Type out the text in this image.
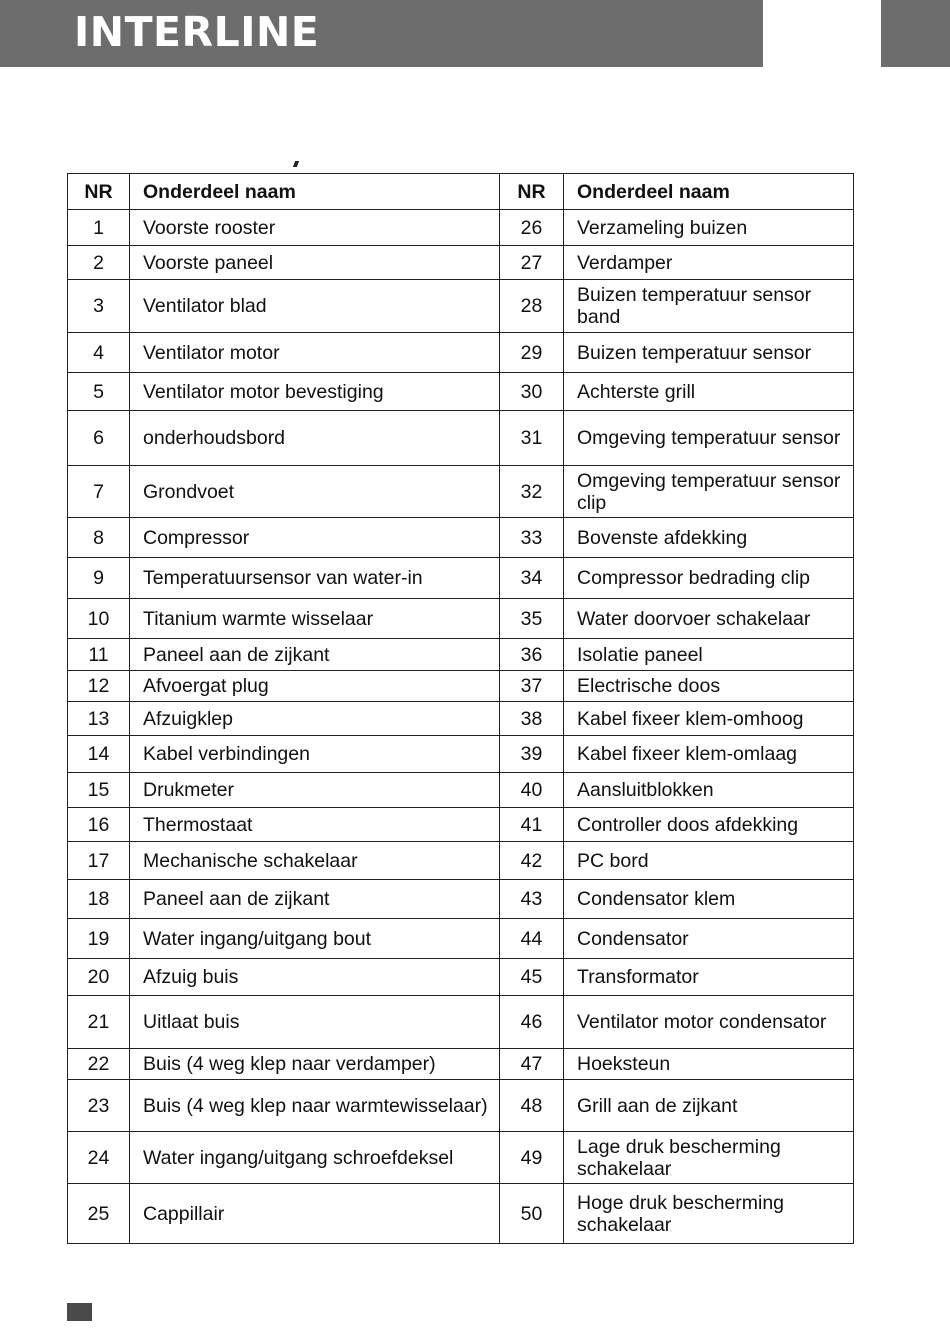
INTERLINE
NR	Onderdeel naam	NR	Onderdeel naam
1	Voorste rooster	26	Verzameling buizen
2	Voorste paneel	27	Verdamper
3	Ventilator blad	28	Buizen temperatuur sensor band
4	Ventilator motor	29	Buizen temperatuur sensor
5	Ventilator motor bevestiging	30	Achterste grill
6	onderhoudsbord	31	Omgeving temperatuur sensor
7	Grondvoet	32	Omgeving temperatuur sensor clip
8	Compressor	33	Bovenste afdekking
9	Temperatuursensor van water-in	34	Compressor bedrading clip
10	Titanium warmte wisselaar	35	Water doorvoer schakelaar
11	Paneel aan de zijkant	36	Isolatie paneel
12	Afvoergat plug	37	Electrische doos
13	Afzuigklep	38	Kabel fixeer klem-omhoog
14	Kabel verbindingen	39	Kabel fixeer klem-omlaag
15	Drukmeter	40	Aansluitblokken
16	Thermostaat	41	Controller doos afdekking
17	Mechanische schakelaar	42	PC bord
18	Paneel aan de zijkant	43	Condensator klem
19	Water ingang/uitgang bout	44	Condensator
20	Afzuig buis	45	Transformator
21	Uitlaat buis	46	Ventilator motor condensator
22	Buis (4 weg klep naar verdamper)	47	Hoeksteun
23	Buis (4 weg klep naar warmtewisselaar)	48	Grill aan de zijkant
24	Water ingang/uitgang schroefdeksel	49	Lage druk bescherming schakelaar
25	Cappillair	50	Hoge druk bescherming schakelaar
